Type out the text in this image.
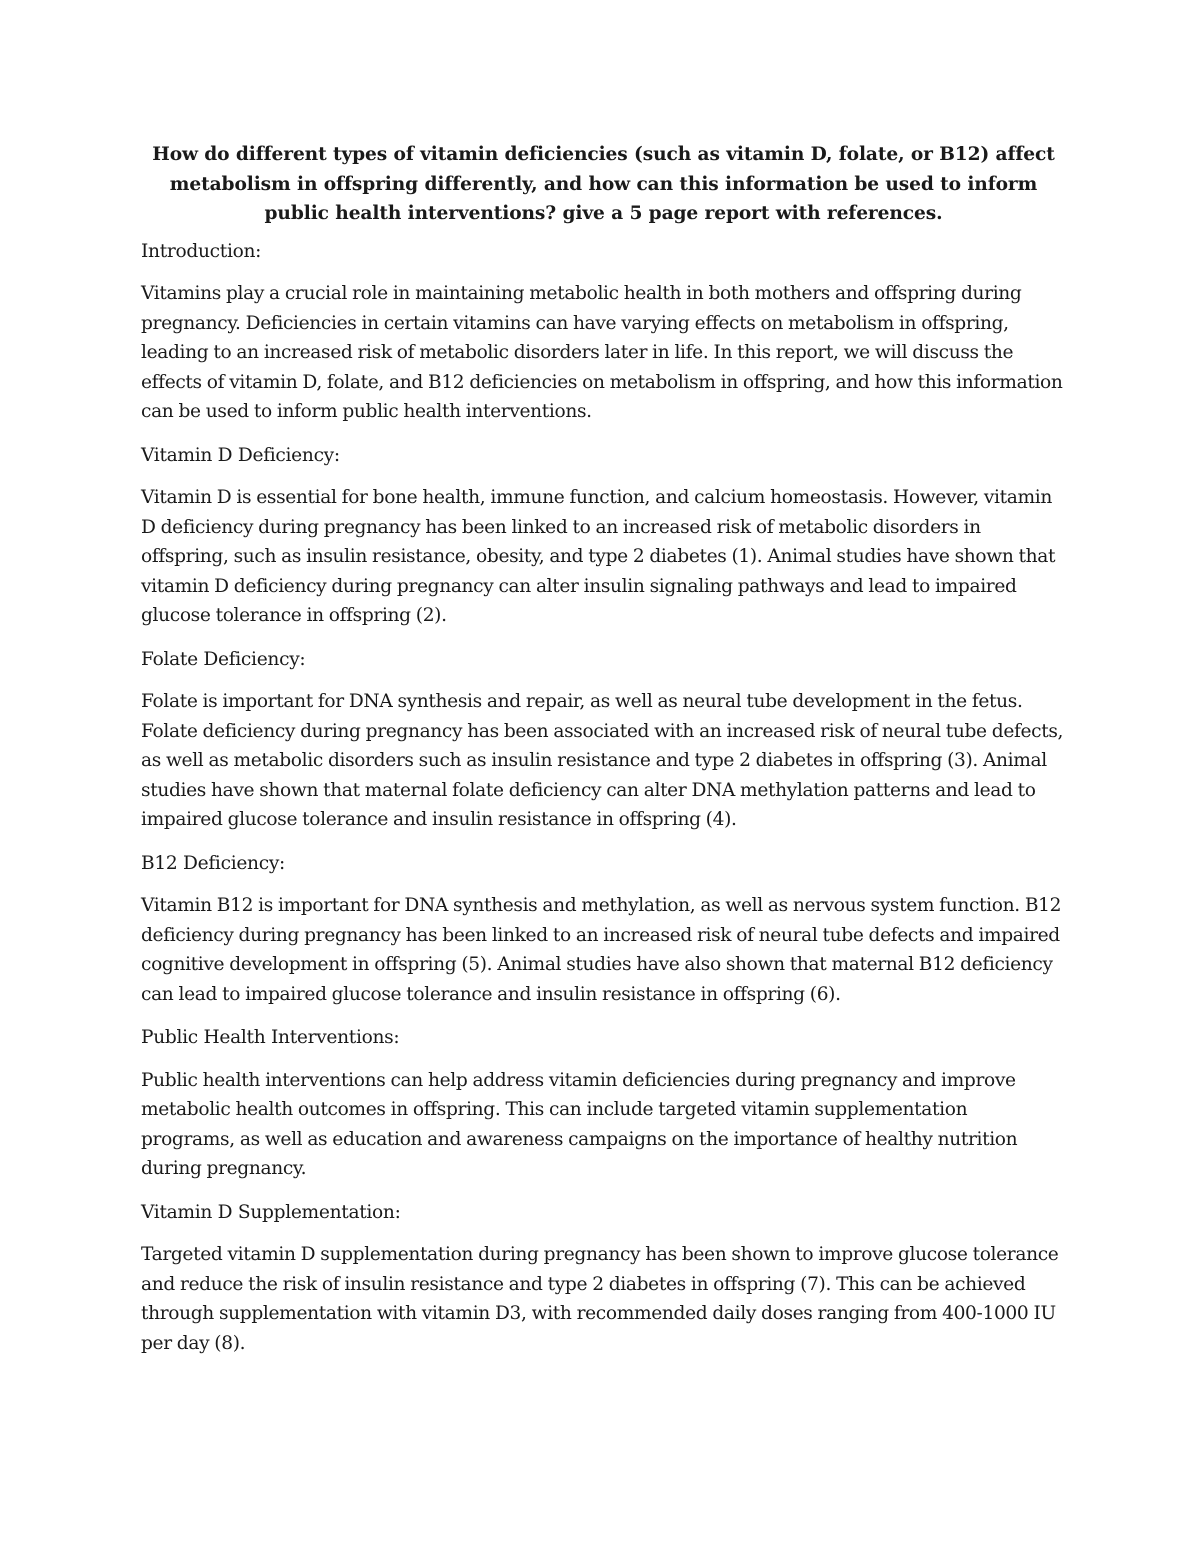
How do different types of vitamin deficiencies (such as vitamin D, folate, or B12) affect metabolism in offspring differently, and how can this information be used to inform public health interventions? give a 5 page report with references.

Introduction:

Vitamins play a crucial role in maintaining metabolic health in both mothers and offspring during pregnancy. Deficiencies in certain vitamins can have varying effects on metabolism in offspring, leading to an increased risk of metabolic disorders later in life. In this report, we will discuss the effects of vitamin D, folate, and B12 deficiencies on metabolism in offspring, and how this information can be used to inform public health interventions.

Vitamin D Deficiency:

Vitamin D is essential for bone health, immune function, and calcium homeostasis. However, vitamin D deficiency during pregnancy has been linked to an increased risk of metabolic disorders in offspring, such as insulin resistance, obesity, and type 2 diabetes (1). Animal studies have shown that vitamin D deficiency during pregnancy can alter insulin signaling pathways and lead to impaired glucose tolerance in offspring (2).

Folate Deficiency:

Folate is important for DNA synthesis and repair, as well as neural tube development in the fetus. Folate deficiency during pregnancy has been associated with an increased risk of neural tube defects, as well as metabolic disorders such as insulin resistance and type 2 diabetes in offspring (3). Animal studies have shown that maternal folate deficiency can alter DNA methylation patterns and lead to impaired glucose tolerance and insulin resistance in offspring (4).

B12 Deficiency:

Vitamin B12 is important for DNA synthesis and methylation, as well as nervous system function. B12 deficiency during pregnancy has been linked to an increased risk of neural tube defects and impaired cognitive development in offspring (5). Animal studies have also shown that maternal B12 deficiency can lead to impaired glucose tolerance and insulin resistance in offspring (6).

Public Health Interventions:

Public health interventions can help address vitamin deficiencies during pregnancy and improve metabolic health outcomes in offspring. This can include targeted vitamin supplementation programs, as well as education and awareness campaigns on the importance of healthy nutrition during pregnancy.

Vitamin D Supplementation:

Targeted vitamin D supplementation during pregnancy has been shown to improve glucose tolerance and reduce the risk of insulin resistance and type 2 diabetes in offspring (7). This can be achieved through supplementation with vitamin D3, with recommended daily doses ranging from 400-1000 IU per day (8).
